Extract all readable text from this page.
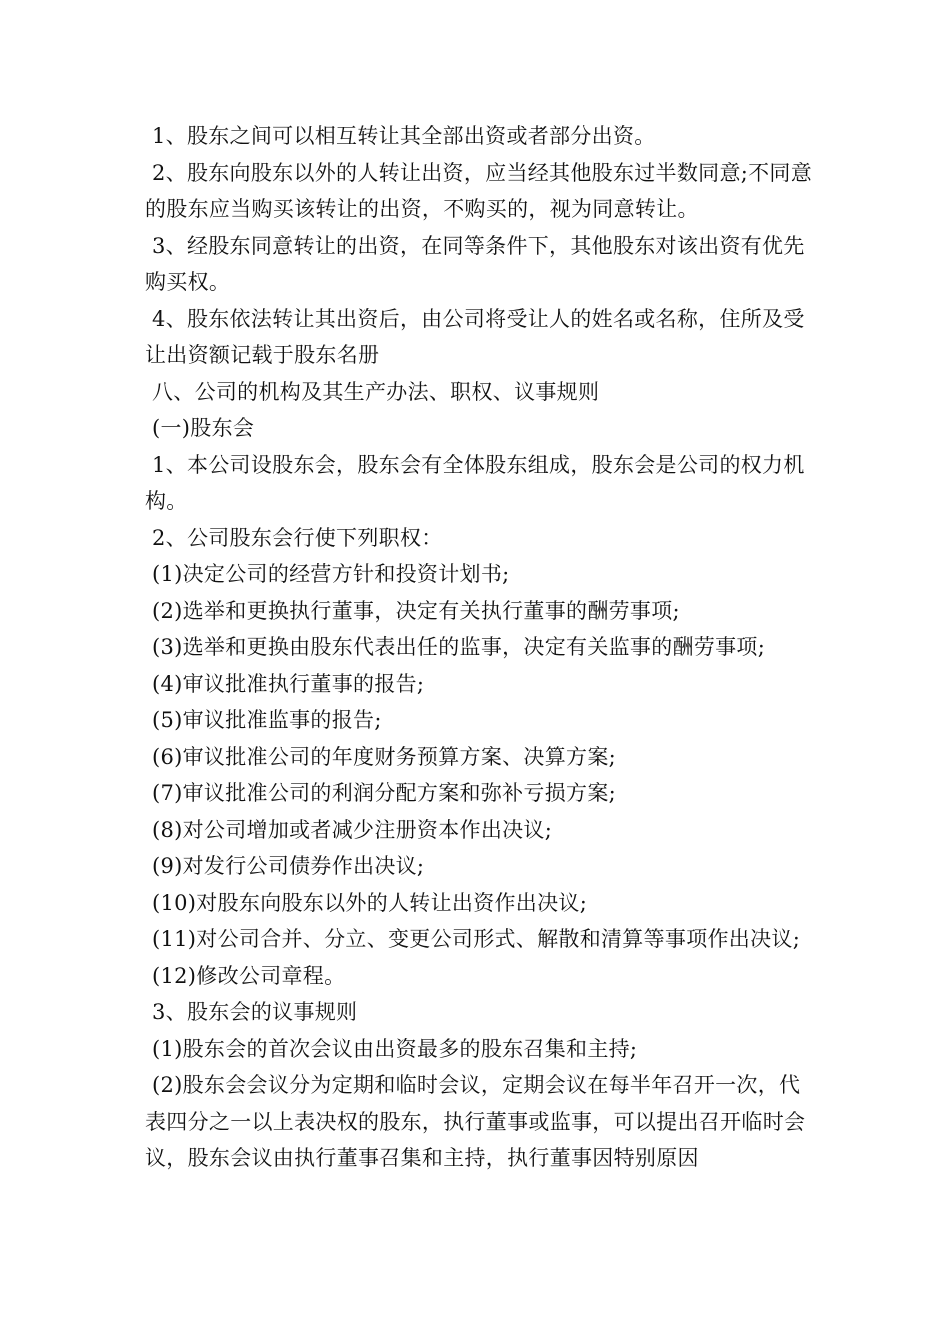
1、股东之间可以相互转让其全部出资或者部分出资。

2、股东向股东以外的人转让出资，应当经其他股东过半数同意;不同意的股东应当购买该转让的出资，不购买的，视为同意转让。

3、经股东同意转让的出资，在同等条件下，其他股东对该出资有优先购买权。

4、股东依法转让其出资后，由公司将受让人的姓名或名称，住所及受让出资额记载于股东名册

八、公司的机构及其生产办法、职权、议事规则

(一)股东会

1、本公司设股东会，股东会有全体股东组成，股东会是公司的权力机构。

2、公司股东会行使下列职权：

(1)决定公司的经营方针和投资计划书;

(2)选举和更换执行董事，决定有关执行董事的酬劳事项;

(3)选举和更换由股东代表出任的监事，决定有关监事的酬劳事项;

(4)审议批准执行董事的报告;

(5)审议批准监事的报告;

(6)审议批准公司的年度财务预算方案、决算方案;

(7)审议批准公司的利润分配方案和弥补亏损方案;

(8)对公司增加或者减少注册资本作出决议;

(9)对发行公司债券作出决议;

(10)对股东向股东以外的人转让出资作出决议;

(11)对公司合并、分立、变更公司形式、解散和清算等事项作出决议;

(12)修改公司章程。

3、股东会的议事规则

(1)股东会的首次会议由出资最多的股东召集和主持;

(2)股东会会议分为定期和临时会议，定期会议在每半年召开一次，代表四分之一以上表决权的股东，执行董事或监事，可以提出召开临时会议，股东会议由执行董事召集和主持，执行董事因特别原因
